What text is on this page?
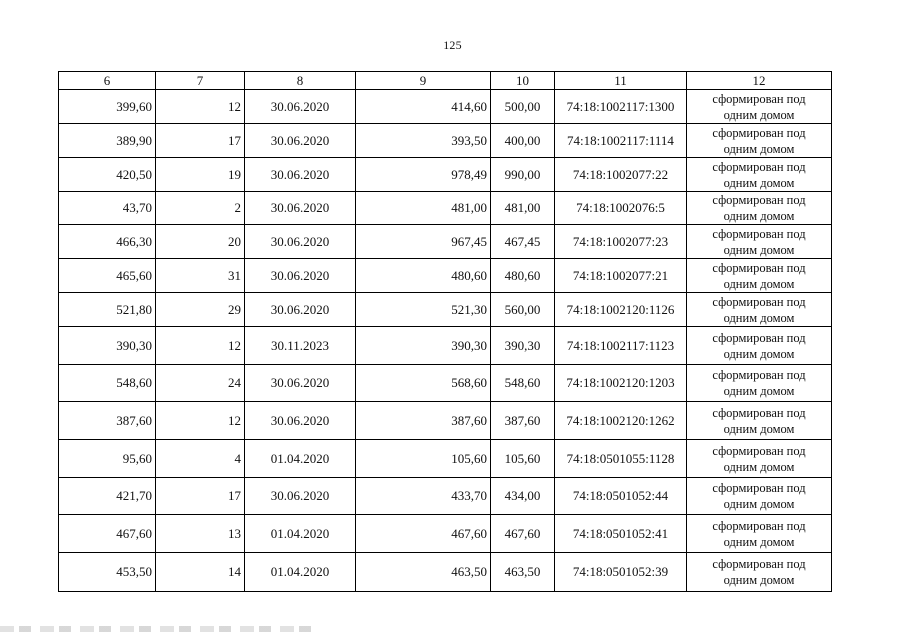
125
6	7	8	9	10	11	12
399,60	12	30.06.2020	414,60	500,00	74:18:1002117:1300	сформирован под
одним домом

389,90	17	30.06.2020	393,50	400,00	74:18:1002117:1114	сформирован под
одним домом

420,50	19	30.06.2020	978,49	990,00	74:18:1002077:22	сформирован под
одним домом

43,70	2	30.06.2020	481,00	481,00	74:18:1002076:5	сформирован под
одним домом

466,30	20	30.06.2020	967,45	467,45	74:18:1002077:23	сформирован под
одним домом

465,60	31	30.06.2020	480,60	480,60	74:18:1002077:21	сформирован под
одним домом

521,80	29	30.06.2020	521,30	560,00	74:18:1002120:1126	сформирован под
одним домом

390,30	12	30.11.2023	390,30	390,30	74:18:1002117:1123	сформирован под
одним домом

548,60	24	30.06.2020	568,60	548,60	74:18:1002120:1203	сформирован под
одним домом

387,60	12	30.06.2020	387,60	387,60	74:18:1002120:1262	сформирован под
одним домом

95,60	4	01.04.2020	105,60	105,60	74:18:0501055:1128	сформирован под
одним домом

421,70	17	30.06.2020	433,70	434,00	74:18:0501052:44	сформирован под
одним домом

467,60	13	01.04.2020	467,60	467,60	74:18:0501052:41	сформирован под
одним домом

453,50	14	01.04.2020	463,50	463,50	74:18:0501052:39	сформирован под
одним домом
